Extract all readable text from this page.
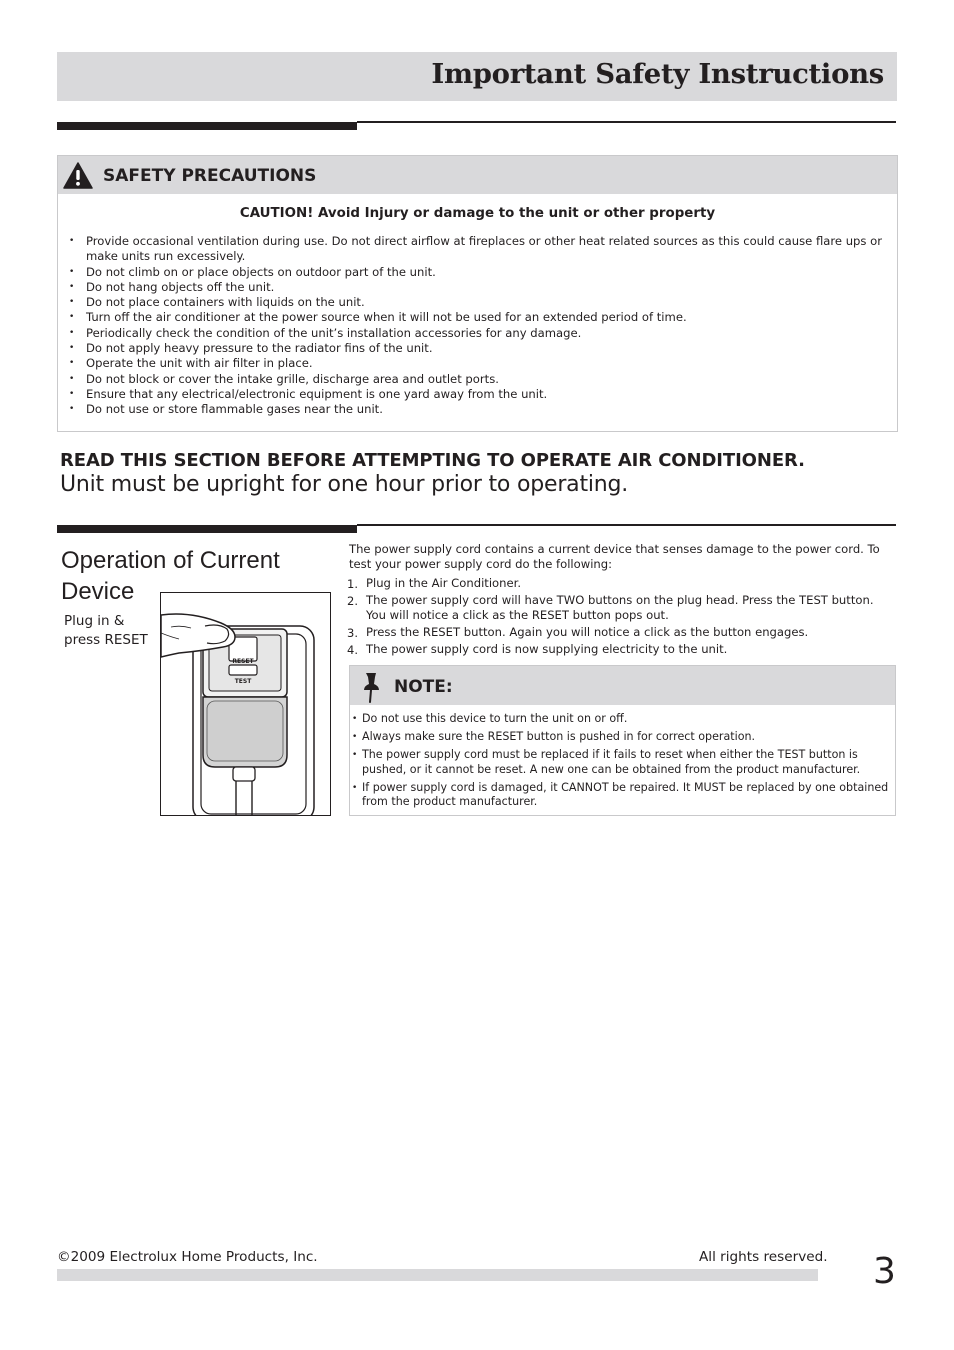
Important Safety Instructions
SAFETY PRECAUTIONS
CAUTION! Avoid Injury or damage to the unit or other property
• Provide occasional ventilation during use. Do not direct airflow at fireplaces or other heat related sources as this could cause flare ups or make units run excessively.
• Do not climb on or place objects on outdoor part of the unit.
• Do not hang objects off the unit.
• Do not place containers with liquids on the unit.
• Turn off the air conditioner at the power source when it will not be used for an extended period of time.
• Periodically check the condition of the unit’s installation accessories for any damage.
• Do not apply heavy pressure to the radiator fins of the unit.
• Operate the unit with air filter in place.
• Do not block or cover the intake grille, discharge area and outlet ports.
• Ensure that any electrical/electronic equipment is one yard away from the unit.
• Do not use or store flammable gases near the unit.
READ THIS SECTION BEFORE ATTEMPTING TO OPERATE AIR CONDITIONER.
Unit must be upright for one hour prior to operating.
Operation of Current Device
Plug in & press RESET
RESET
TEST
The power supply cord contains a current device that senses damage to the power cord. To test your power supply cord do the following:
1. Plug in the Air Conditioner.
2. The power supply cord will have TWO buttons on the plug head. Press the TEST button. You will notice a click as the RESET button pops out.
3. Press the RESET button. Again you will notice a click as the button engages.
4. The power supply cord is now supplying electricity to the unit.
NOTE:
• Do not use this device to turn the unit on or off.
• Always make sure the RESET button is pushed in for correct operation.
• The power supply cord must be replaced if it fails to reset when either the TEST button is pushed, or it cannot be reset. A new one can be obtained from the product manufacturer.
• If power supply cord is damaged, it CANNOT be repaired. It MUST be replaced by one obtained from the product manufacturer.
©2009 Electrolux Home Products, Inc.	All rights reserved. 3
